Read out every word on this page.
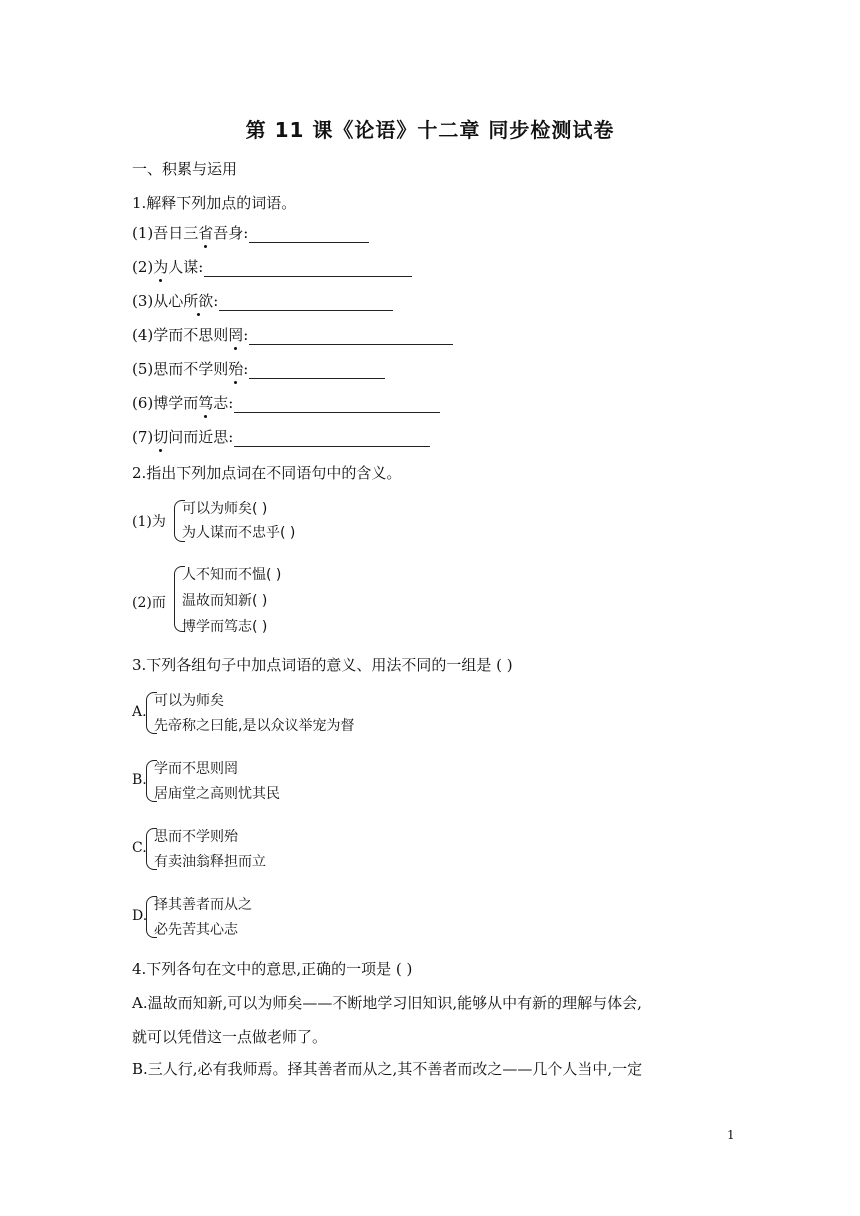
第 11 课《论语》十二章 同步检测试卷
一、积累与运用
1.解释下列加点的词语。
(1)吾日三省吾身:
(2)为人谋:
(3)从心所欲:
(4)学而不思则罔:
(5)思而不学则殆:
(6)博学而笃志:
(7)切问而近思:
2.指出下列加点词在不同语句中的含义。
(1)为
可以为师矣( )
为人谋而不忠乎( )
(2)而
人不知而不愠( )
温故而知新( )
博学而笃志( )
3.下列各组句子中加点词语的意义、用法不同的一组是 ( )
A.
可以为师矣
先帝称之曰能,是以众议举宠为督
B.
学而不思则罔
居庙堂之高则忧其民
C.
思而不学则殆
有卖油翁释担而立
D.
择其善者而从之
必先苦其心志
4.下列各句在文中的意思,正确的一项是 ( )
A.温故而知新,可以为师矣——不断地学习旧知识,能够从中有新的理解与体会,
就可以凭借这一点做老师了。
B.三人行,必有我师焉。择其善者而从之,其不善者而改之——几个人当中,一定
1
